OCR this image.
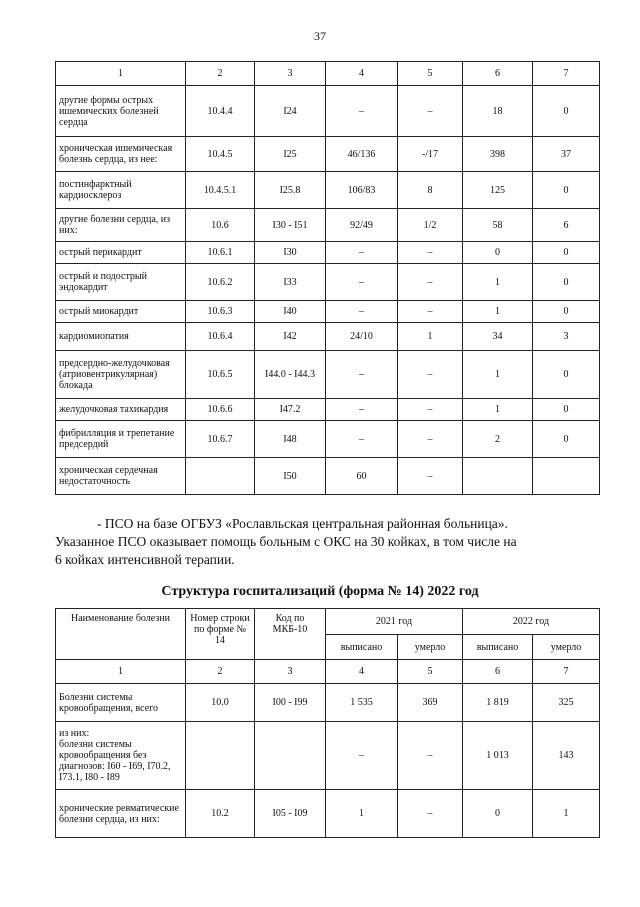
37
1	2	3	4	5	6	7
другие формы острых ишемических болезней сердца	10.4.4	I24	–	–	18	0
хроническая ишемическая болезнь сердца, из нее:	10.4.5	I25	46/136	-/17	398	37
постинфарктный кардиосклероз	10.4.5.1	I25.8	106/83	8	125	0
другие болезни сердца, из них:	10.6	I30 - I51	92/49	1/2	58	6
острый перикардит	10.6.1	I30	–	–	0	0
острый и подострый эндокардит	10.6.2	I33	–	–	1	0
острый миокардит	10.6.3	I40	–	–	1	0
кардиомиопатия	10.6.4	I42	24/10	1	34	3
предсердно-желудочковая (атриовентрикулярная) блокада	10.6.5	I44.0 - I44.3	–	–	1	0
желудочковая тахикардия	10.6.6	I47.2	–	–	1	0
фибрилляция и трепетание предсердий	10.6.7	I48	–	–	2	0
хроническая сердечная недостаточность		I50	60	–		
- ПСО на базе ОГБУЗ «Рославльская центральная районная больница».
Указанное ПСО оказывает помощь больным с ОКС на 30 койках, в том числе на
6 койках интенсивной терапии.
Структура госпитализаций (форма № 14) 2022 год
Наименование болезни	Номер строки по форме № 14	Код по МКБ-10	2021 год		2022 год	
			выписано	умерло	выписано	умерло
1	2	3	4	5	6	7
Болезни системы кровообращения, всего	10.0	I00 - I99	1 535	369	1 819	325
из них:
болезни системы кровообращения без диагнозов: I60 - I69, I70.2, I73.1, I80 - I89			–	–	1 013	143
хронические ревматические болезни сердца, из них:	10.2	I05 - I09	1	–	0	1
